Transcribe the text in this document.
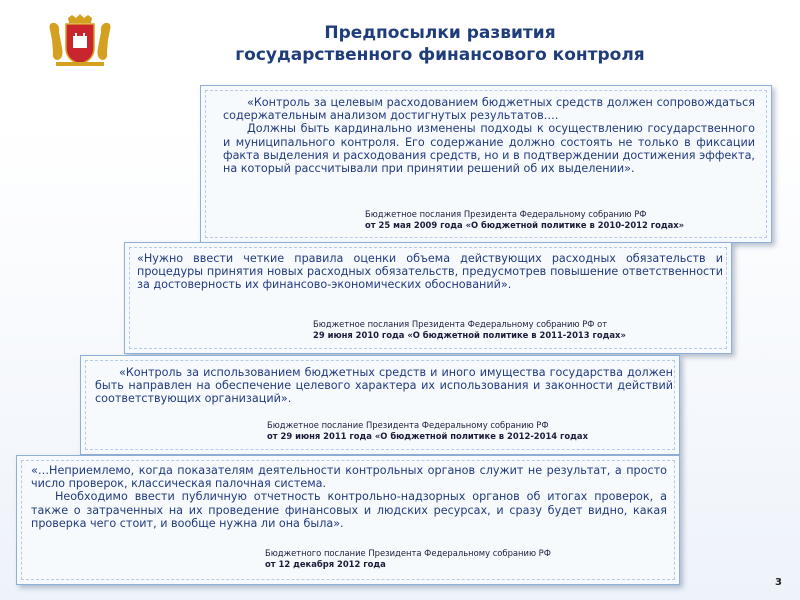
Предпосылки развития
государственного финансового контроля

«Контроль за целевым расходованием бюджетных средств должен сопровождаться содержательным анализом достигнутых результатов….

Должны быть кардинально изменены подходы к осуществлению государственного и муниципального контроля. Его содержание должно состоять не только в фиксации факта выделения и расходования средств, но и в подтверждении достижения эффекта, на который рассчитывали при принятии решений об их выделении».

Бюджетное послания Президента Федеральному собранию РФ
от 25 мая 2009 года «О бюджетной политике в 2010-2012 годах»

«Нужно ввести четкие правила оценки объема действующих расходных обязательств и процедуры принятия новых расходных обязательств, предусмотрев повышение ответственности за достоверность их финансово-экономических обоснований».

Бюджетное послания Президента Федеральному собранию РФ от
29 июня 2010 года «О бюджетной политике в 2011-2013 годах»

«Контроль за использованием бюджетных средств и иного имущества государства должен быть направлен на обеспечение целевого характера их использования и законности действий соответствующих организаций».

Бюджетное послание Президента Федеральному собранию РФ
от 29 июня 2011 года «О бюджетной политике в 2012-2014 годах

«…Неприемлемо, когда показателям деятельности контрольных органов служит не результат, а просто число проверок, классическая палочная система.

Необходимо ввести публичную отчетность контрольно-надзорных органов об итогах проверок, а также о затраченных на их проведение финансовых и людских ресурсах, и сразу будет видно, какая проверка чего стоит, и вообще нужна ли она была».

Бюджетного послание Президента Федеральному собранию РФ
от 12 декабря 2012 года
3
